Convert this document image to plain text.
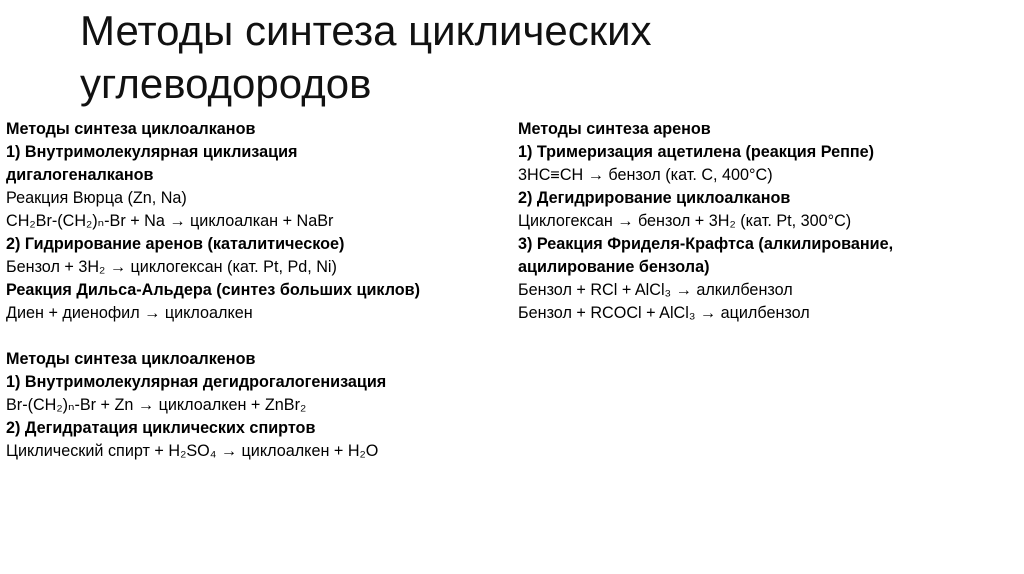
Методы синтеза циклических
углеводородов
Методы синтеза циклоалканов
1) Внутримолекулярная циклизация
дигалогеналканов
Реакция Вюрца (Zn, Na)
CH₂Br-(CH₂)ₙ-Br + Na → циклоалкан + NaBr
2) Гидрирование аренов (каталитическое)
Бензол + 3H₂ → циклогексан (кат. Pt, Pd, Ni)
Реакция Дильса-Альдера (синтез больших циклов)
Диен + диенофил → циклоалкен
Методы синтеза циклоалкенов
1) Внутримолекулярная дегидрогалогенизация
Br-(CH₂)ₙ-Br + Zn → циклоалкен + ZnBr₂
2) Дегидратация циклических спиртов
Циклический спирт + H₂SO₄ → циклоалкен + H₂O
Методы синтеза аренов
1) Тримеризация ацетилена (реакция Реппе)
3HC≡CH → бензол (кат. C, 400°C)
2) Дегидрирование циклоалканов
Циклогексан → бензол + 3H₂ (кат. Pt, 300°C)
3) Реакция Фриделя-Крафтса (алкилирование,
ацилирование бензола)
Бензол + RCl + AlCl₃ → алкилбензол
Бензол + RCOCl + AlCl₃ → ацилбензол
